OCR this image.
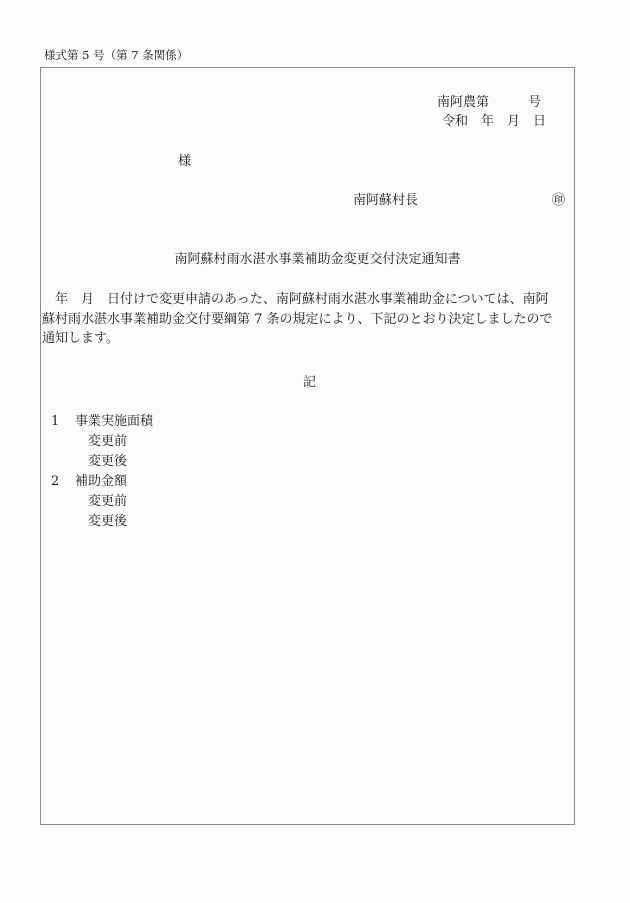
様式第 5 号（第 7 条関係）
南阿農第　　　号
令和　年　月　日
様
南阿蘇村長	㊞
南阿蘇村雨水湛水事業補助金変更交付決定通知書

　年　月　日付けで変更申請のあった、南阿蘇村雨水湛水事業補助金については、南阿

蘇村雨水湛水事業補助金交付要綱第 7 条の規定により、下記のとおり決定しましたので

通知します。

記
1 事業実施面積
変更前
変更後
2 補助金額
変更前
変更後
